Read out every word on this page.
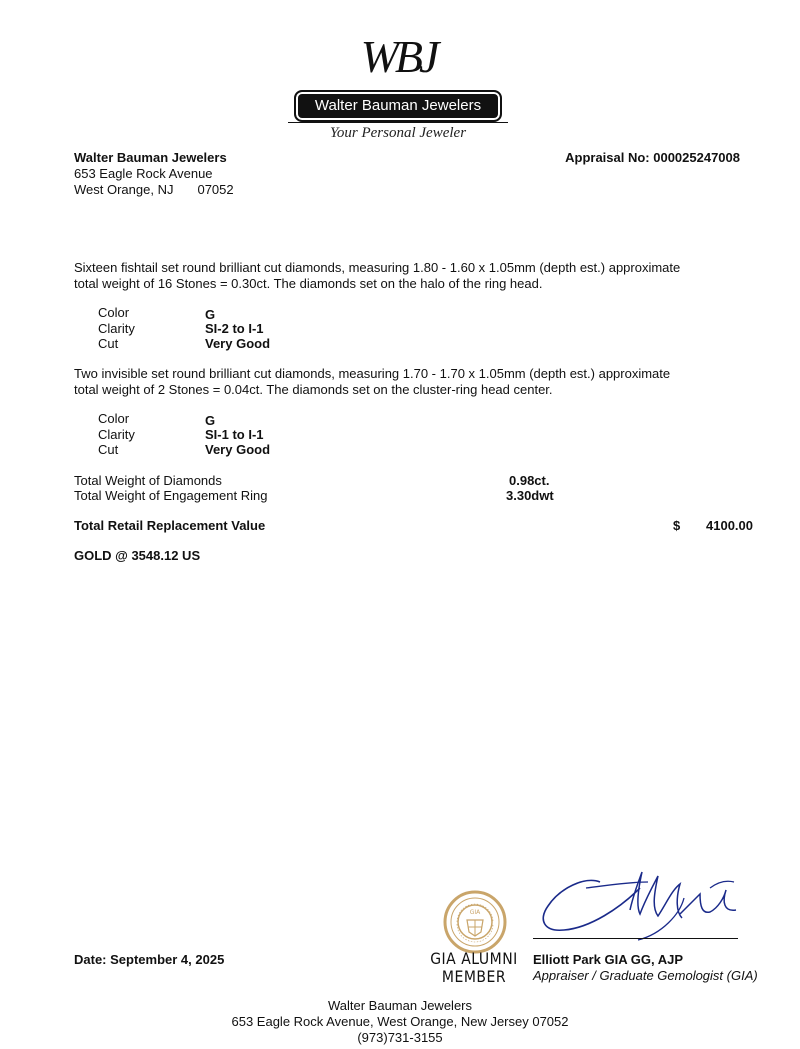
WBJ
Walter Bauman Jewelers
Your Personal Jeweler
Walter Bauman Jewelers
653 Eagle Rock Avenue
West Orange, NJ 07052
Appraisal No: 000025247008
Sixteen fishtail set round brilliant cut diamonds, measuring 1.80 - 1.60 x 1.05mm (depth est.) approximate
total weight of 16 Stones = 0.30ct. The diamonds set on the halo of the ring head.
Color	G
Clarity	SI-2 to I-1
Cut	Very Good
Two invisible set round brilliant cut diamonds, measuring 1.70 - 1.70 x 1.05mm (depth est.) approximate
total weight of 2 Stones = 0.04ct. The diamonds set on the cluster-ring head center.
Color	G
Clarity	SI-1 to I-1
Cut	Very Good
Total Weight of Diamonds	0.98ct.
Total Weight of Engagement Ring	3.30dwt
Total Retail Replacement Value	$ 4100.00
GOLD @ 3548.12 US
Date: September 4, 2025
GIA
GIA ALUMNI
MEMBER
Elliott Park GIA GG, AJP
Appraiser / Graduate Gemologist (GIA)
Walter Bauman Jewelers
653 Eagle Rock Avenue, West Orange, New Jersey 07052
(973)731-3155
